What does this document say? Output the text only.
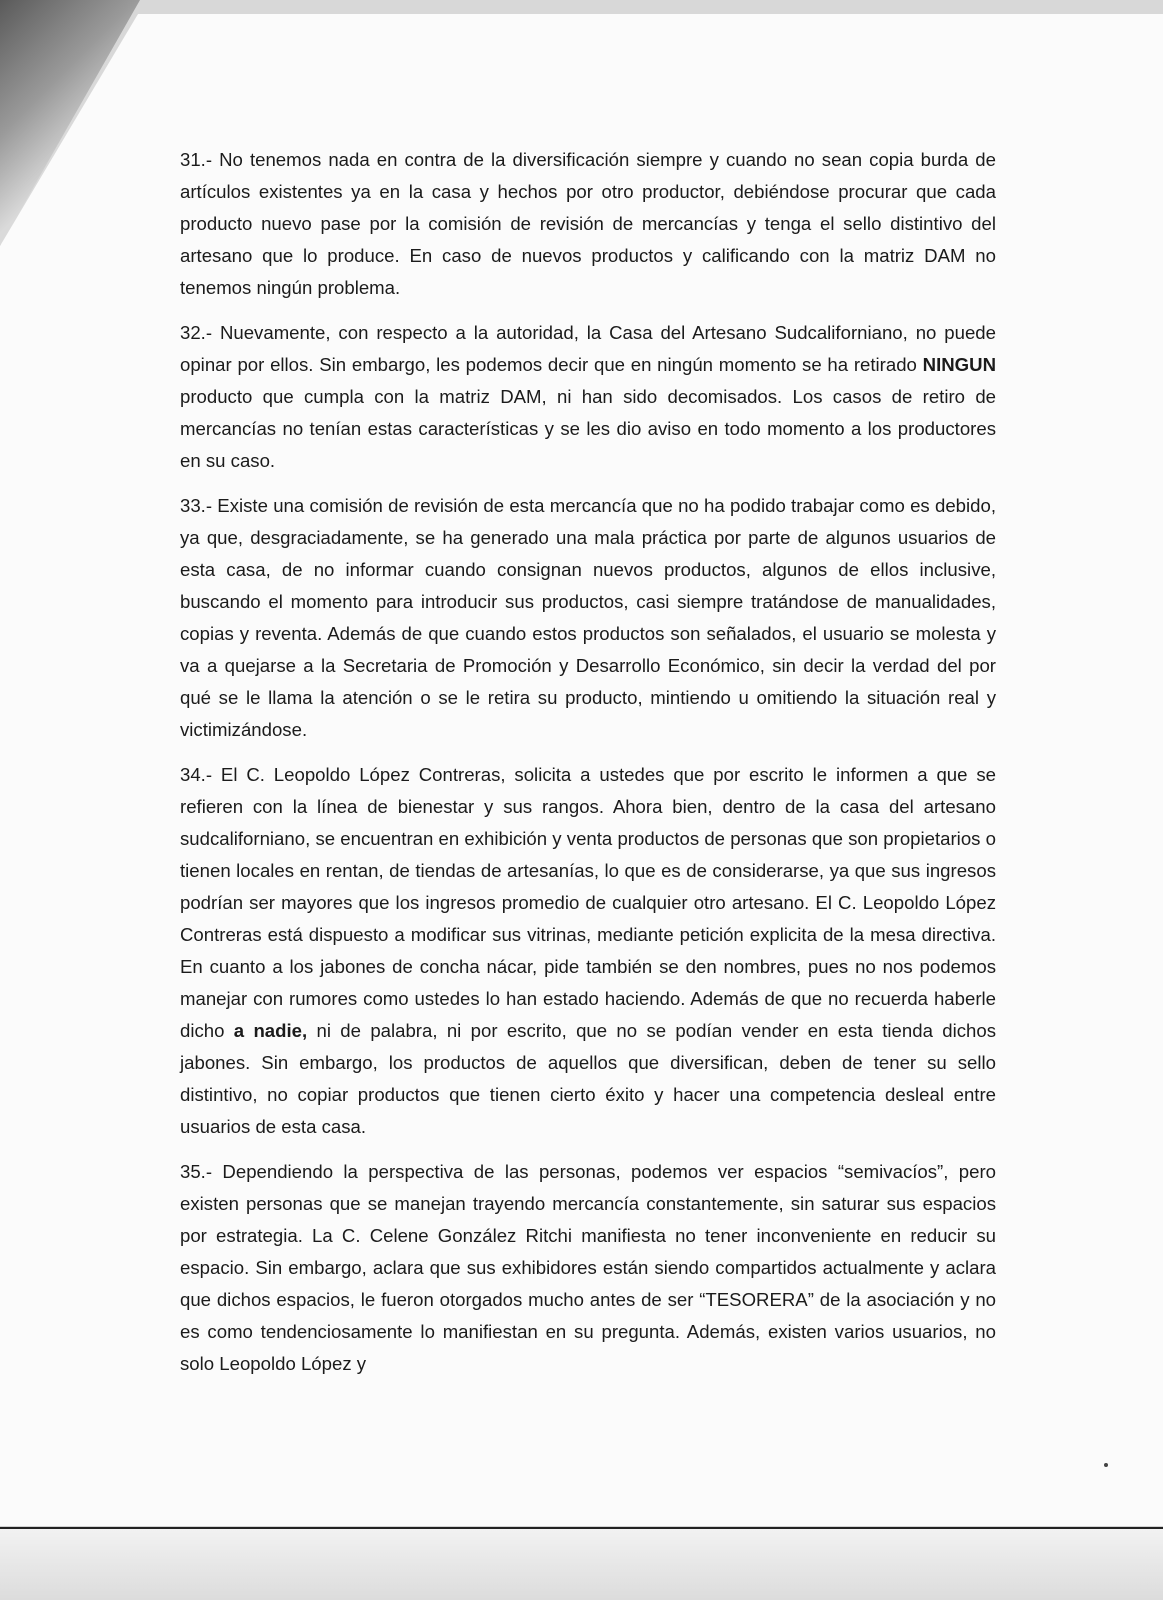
31.- No tenemos nada en contra de la diversificación siempre y cuando no sean copia burda de artículos existentes ya en la casa y hechos por otro productor, debiéndose procurar que cada producto nuevo pase por la comisión de revisión de mercancías y tenga el sello distintivo del artesano que lo produce. En caso de nuevos productos y calificando con la matriz DAM no tenemos ningún problema.

32.- Nuevamente, con respecto a la autoridad, la Casa del Artesano Sudcaliforniano, no puede opinar por ellos. Sin embargo, les podemos decir que en ningún momento se ha retirado NINGUN producto que cumpla con la matriz DAM, ni han sido decomisados. Los casos de retiro de mercancías no tenían estas características y se les dio aviso en todo momento a los productores en su caso.

33.- Existe una comisión de revisión de esta mercancía que no ha podido trabajar como es debido, ya que, desgraciadamente, se ha generado una mala práctica por parte de algunos usuarios de esta casa, de no informar cuando consignan nuevos productos, algunos de ellos inclusive, buscando el momento para introducir sus productos, casi siempre tratándose de manualidades, copias y reventa. Además de que cuando estos productos son señalados, el usuario se molesta y va a quejarse a la Secretaria de Promoción y Desarrollo Económico, sin decir la verdad del por qué se le llama la atención o se le retira su producto, mintiendo u omitiendo la situación real y victimizándose.

34.- El C. Leopoldo López Contreras, solicita a ustedes que por escrito le informen a que se refieren con la línea de bienestar y sus rangos. Ahora bien, dentro de la casa del artesano sudcaliforniano, se encuentran en exhibición y venta productos de personas que son propietarios o tienen locales en rentan, de tiendas de artesanías, lo que es de considerarse, ya que sus ingresos podrían ser mayores que los ingresos promedio de cualquier otro artesano. El C. Leopoldo López Contreras está dispuesto a modificar sus vitrinas, mediante petición explicita de la mesa directiva. En cuanto a los jabones de concha nácar, pide también se den nombres, pues no nos podemos manejar con rumores como ustedes lo han estado haciendo. Además de que no recuerda haberle dicho a nadie, ni de palabra, ni por escrito, que no se podían vender en esta tienda dichos jabones. Sin embargo, los productos de aquellos que diversifican, deben de tener su sello distintivo, no copiar productos que tienen cierto éxito y hacer una competencia desleal entre usuarios de esta casa.

35.- Dependiendo la perspectiva de las personas, podemos ver espacios “semivacíos”, pero existen personas que se manejan trayendo mercancía constantemente, sin saturar sus espacios por estrategia. La C. Celene González Ritchi manifiesta no tener inconveniente en reducir su espacio. Sin embargo, aclara que sus exhibidores están siendo compartidos actualmente y aclara que dichos espacios, le fueron otorgados mucho antes de ser “TESORERA” de la asociación y no es como tendenciosamente lo manifiestan en su pregunta. Además, existen varios usuarios, no solo Leopoldo López y
